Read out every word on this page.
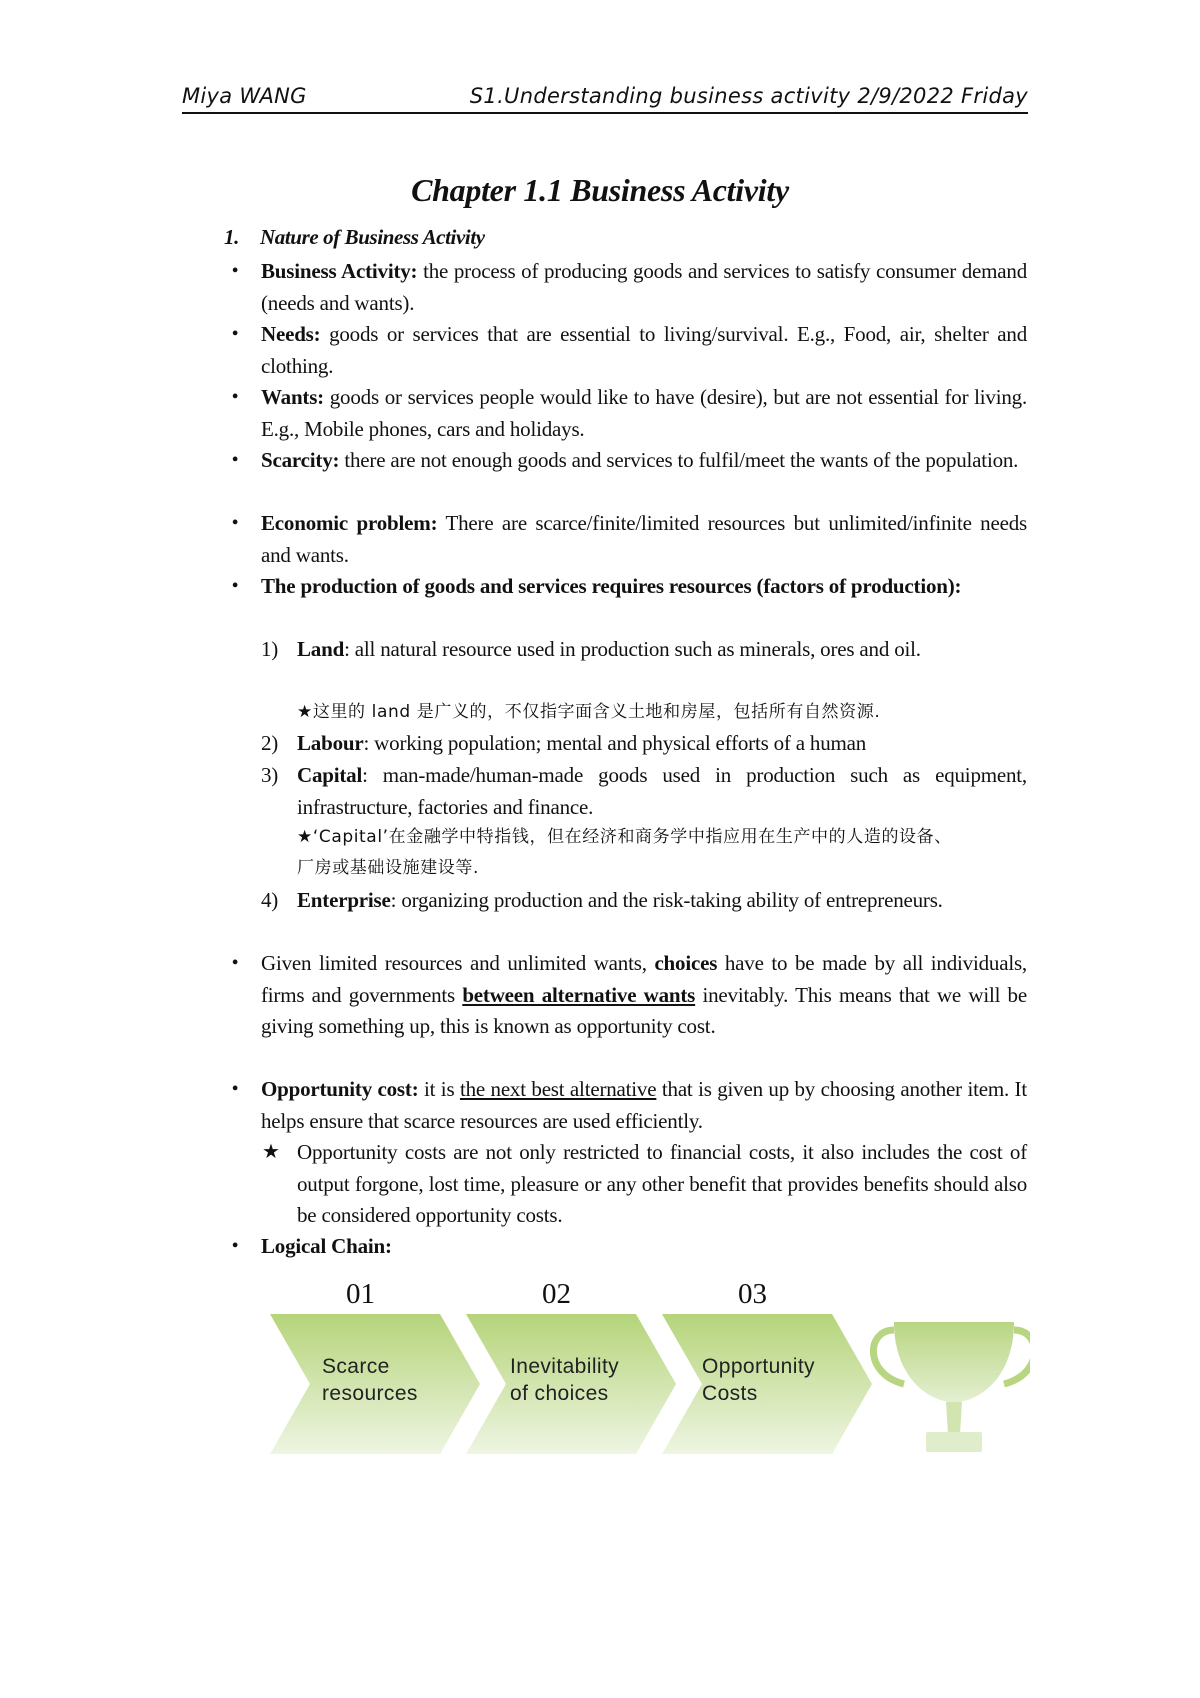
Miya WANG	S1.Understanding business activity 2/9/2022 Friday
Chapter 1.1 Business Activity
1. Nature of Business Activity
•	Business Activity: the process of producing goods and services to satisfy consumer demand (needs and wants).
•	Needs: goods or services that are essential to living/survival. E.g., Food, air, shelter and clothing.
•	Wants: goods or services people would like to have (desire), but are not essential for living. E.g., Mobile phones, cars and holidays.
•	Scarcity: there are not enough goods and services to fulfil/meet the wants of the population.
•	Economic problem: There are scarce/finite/limited resources but unlimited/infinite needs and wants.
•	The production of goods and services requires resources (factors of production):
1) Land: all natural resource used in production such as minerals, ores and oil.
★这里的 land 是广义的，不仅指字面含义土地和房屋，包括所有自然资源.
2) Labour: working population; mental and physical efforts of a human
3) Capital: man-made/human-made goods used in production such as equipment, infrastructure, factories and finance.
★‘Capital’在金融学中特指钱，但在经济和商务学中指应用在生产中的人造的设备、
厂房或基础设施建设等.
4) Enterprise: organizing production and the risk-taking ability of entrepreneurs.
•	Given limited resources and unlimited wants, choices have to be made by all individuals, firms and governments between alternative wants inevitably. This means that we will be giving something up, this is known as opportunity cost.
•	Opportunity cost: it is the next best alternative that is given up by choosing another item. It helps ensure that scarce resources are used efficiently.
★ Opportunity costs are not only restricted to financial costs, it also includes the cost of output forgone, lost time, pleasure or any other benefit that provides benefits should also be considered opportunity costs.
•	Logical Chain:
01	02	03
Scarce
resources
Inevitability
of choices
Opportunity
Costs
